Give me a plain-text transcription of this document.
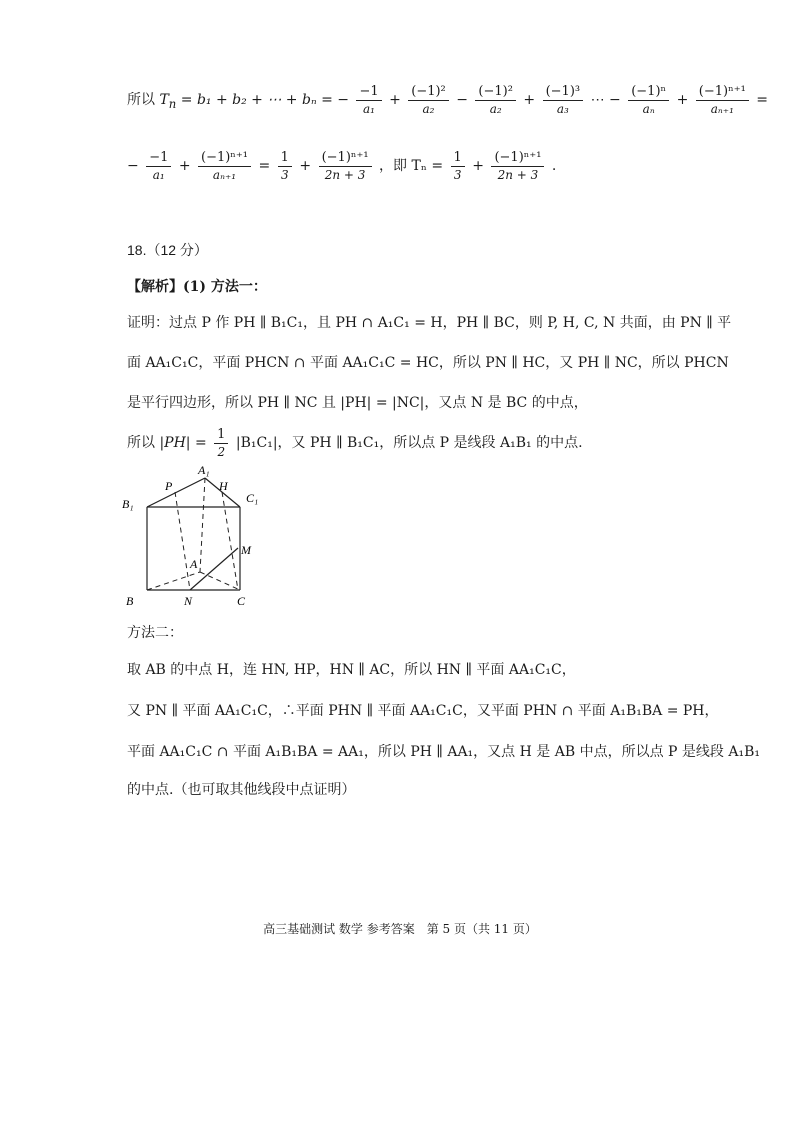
所以 $T_n = b_1 + b_2$ + ⋯ + bₙ = − $\frac{-1}{\text{a₁}} + \frac{\text{(−1)²}}{\text{a₂}} - \frac{\text{(−1)²}}{\text{a₂}} + \frac{\text{(−1)³}}{\text{a₃}}$ ⋯ − $\frac{\text{(−1)ⁿ}}{\text{aₙ}} + \frac{\text{(−1)ⁿ⁺¹}}{\text{aₙ₊₁}}$ =
− $\frac{-1}{\text{a₁}} + \frac{\text{(−1)ⁿ⁺¹}}{\text{aₙ₊₁}} = \frac{1}{3} + \frac{\text{(−1)ⁿ⁺¹}}{2n + 3}$ ，即 $T_n = \frac{1}{3} + \frac{\text{(−1)ⁿ⁺¹}}{2n + 3}$ .
18.（12 分）
【解析】(1) 方法一：
证明：过点 P 作 PH ∥ B₁C₁，且 PH ∩ A₁C₁ = H，PH ∥ BC，则 P, H, C, N 共面，由 PN ∥ 平
面 AA₁C₁C，平面 PHCN ∩ 平面 AA₁C₁C = HC，所以 PN ∥ HC，又 PH ∥ NC，所以 PHCN
是平行四边形，所以 PH ∥ NC 且 |PH| = |NC|，又点 N 是 BC 的中点，
所以 $|PH| = \frac{1}{2} |B_1C_1|$，又 PH ∥ B₁C₁，所以点 P 是线段 A₁B₁ 的中点.
A₁
P	H
B₁	C₁
M
A
B	N	C
方法二：
取 AB 的中点 H，连 HN, HP，HN ∥ AC，所以 HN ∥ 平面 AA₁C₁C，
又 PN ∥ 平面 AA₁C₁C，∴平面 PHN ∥ 平面 AA₁C₁C，又平面 PHN ∩ 平面 A₁B₁BA = PH，
平面 AA₁C₁C ∩ 平面 A₁B₁BA = AA₁，所以 PH ∥ AA₁，又点 H 是 AB 中点，所以点 P 是线段 A₁B₁
的中点.（也可取其他线段中点证明）
高三基础测试 数学 参考答案　第 5 页（共 11 页）
